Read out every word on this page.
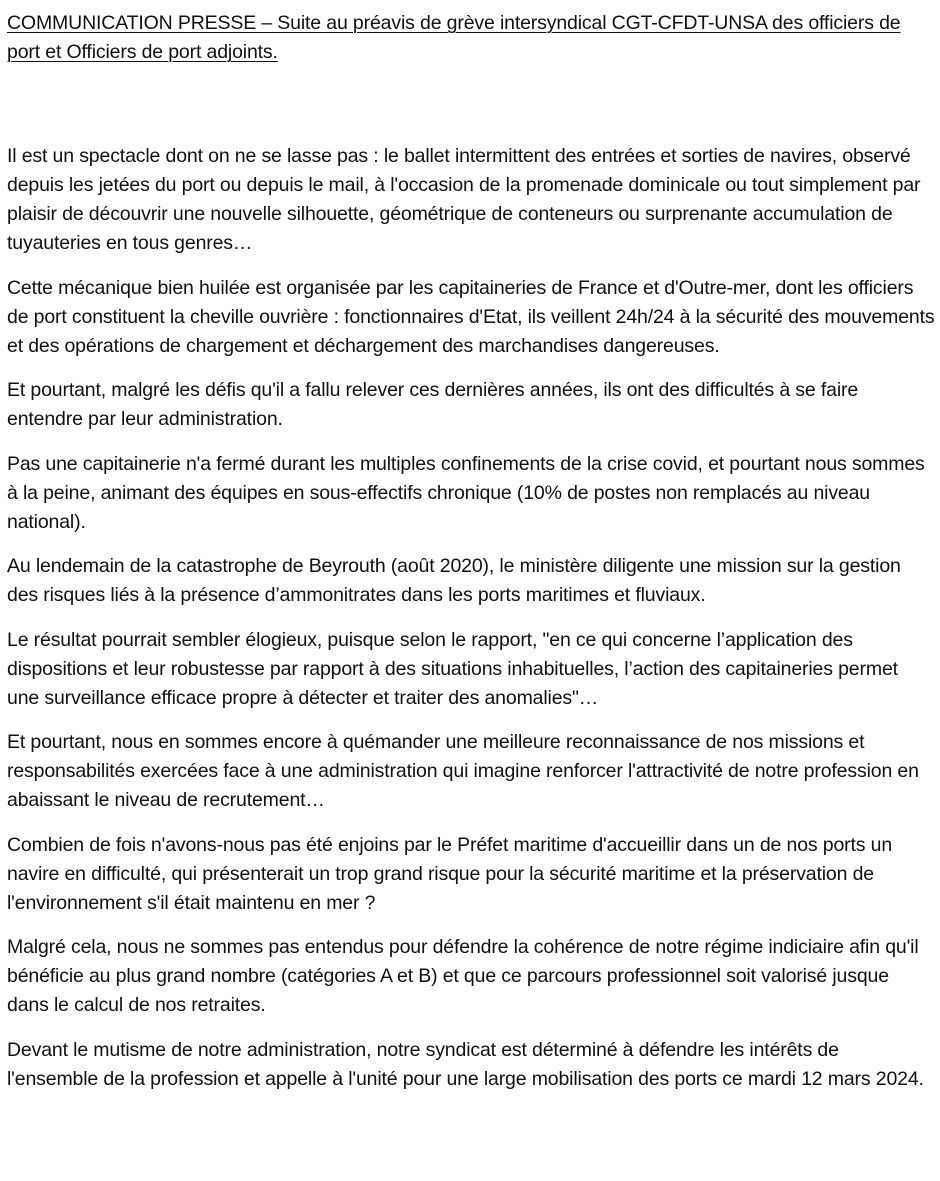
COMMUNICATION PRESSE – Suite au préavis de grève intersyndical CGT-CFDT-UNSA des officiers de port et Officiers de port adjoints.

Il est un spectacle dont on ne se lasse pas : le ballet intermittent des entrées et sorties de navires, observé depuis les jetées du port ou depuis le mail, à l'occasion de la promenade dominicale ou tout simplement par plaisir de découvrir une nouvelle silhouette, géométrique de conteneurs ou surprenante accumulation de tuyauteries en tous genres…

Cette mécanique bien huilée est organisée par les capitaineries de France et d'Outre-mer, dont les officiers de port constituent la cheville ouvrière : fonctionnaires d'Etat, ils veillent 24h/24 à la sécurité des mouvements et des opérations de chargement et déchargement des marchandises dangereuses.

Et pourtant, malgré les défis qu'il a fallu relever ces dernières années, ils ont des difficultés à se faire entendre par leur administration.

Pas une capitainerie n'a fermé durant les multiples confinements de la crise covid, et pourtant nous sommes à la peine, animant des équipes en sous-effectifs chronique (10% de postes non remplacés au niveau national).

Au lendemain de la catastrophe de Beyrouth (août 2020), le ministère diligente une mission sur la gestion des risques liés à la présence d’ammonitrates dans les ports maritimes et fluviaux.

Le résultat pourrait sembler élogieux, puisque selon le rapport, "en ce qui concerne l’application des dispositions et leur robustesse par rapport à des situations inhabituelles, l’action des capitaineries permet une surveillance efficace propre à détecter et traiter des anomalies"…

Et pourtant, nous en sommes encore à quémander une meilleure reconnaissance de nos missions et responsabilités exercées face à une administration qui imagine renforcer l'attractivité de notre profession en abaissant le niveau de recrutement…

Combien de fois n'avons-nous pas été enjoins par le Préfet maritime d'accueillir dans un de nos ports un navire en difficulté, qui présenterait un trop grand risque pour la sécurité maritime et la préservation de l'environnement s'il était maintenu en mer ?

Malgré cela, nous ne sommes pas entendus pour défendre la cohérence de notre régime indiciaire afin qu'il bénéficie au plus grand nombre (catégories A et B) et que ce parcours professionnel soit valorisé jusque dans le calcul de nos retraites.

Devant le mutisme de notre administration, notre syndicat est déterminé à défendre les intérêts de l'ensemble de la profession et appelle à l'unité pour une large mobilisation des ports ce mardi 12 mars 2024.
